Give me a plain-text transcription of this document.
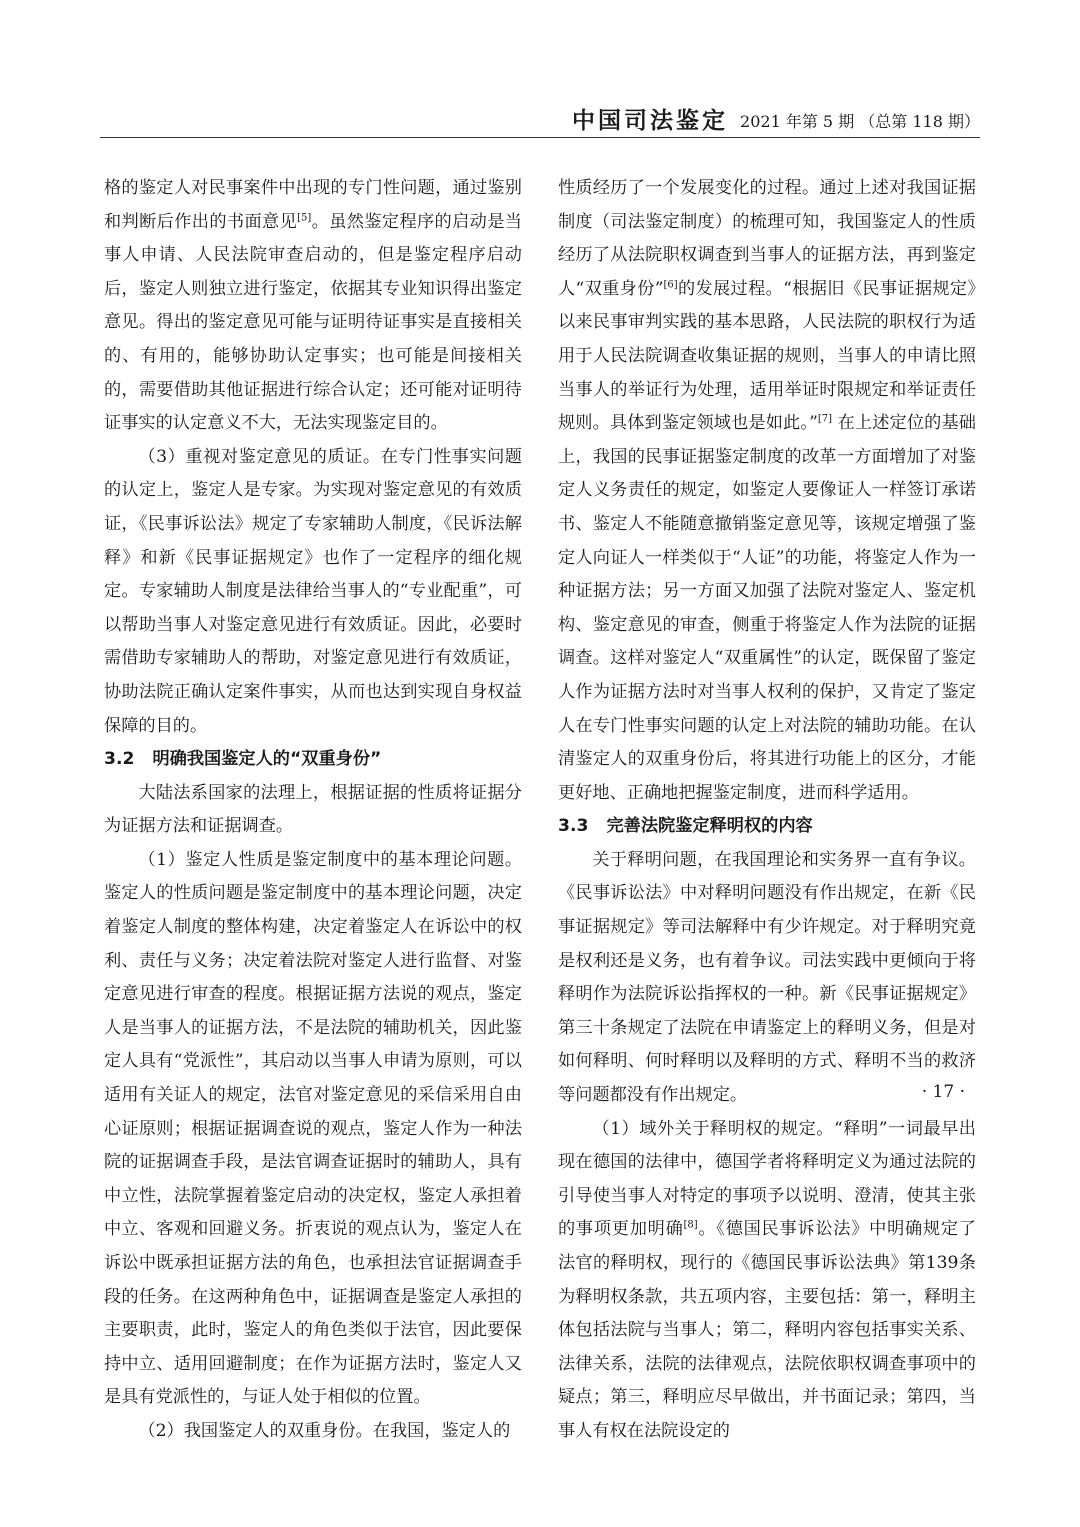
中国司法鉴定 2021 年第 5 期 （总第 118 期）

格的鉴定人对民事案件中出现的专门性问题，通过鉴别和判断后作出的书面意见[5]。虽然鉴定程序的启动是当事人申请、人民法院审查启动的，但是鉴定程序启动后，鉴定人则独立进行鉴定，依据其专业知识得出鉴定意见。得出的鉴定意见可能与证明待证事实是直接相关的、有用的，能够协助认定事实；也可能是间接相关的，需要借助其他证据进行综合认定；还可能对证明待证事实的认定意义不大，无法实现鉴定目的。

（3）重视对鉴定意见的质证。在专门性事实问题的认定上，鉴定人是专家。为实现对鉴定意见的有效质证，《民事诉讼法》规定了专家辅助人制度，《民诉法解释》和新《民事证据规定》也作了一定程序的细化规定。专家辅助人制度是法律给当事人的“专业配重”，可以帮助当事人对鉴定意见进行有效质证。因此，必要时需借助专家辅助人的帮助，对鉴定意见进行有效质证，协助法院正确认定案件事实，从而也达到实现自身权益保障的目的。

3.2 明确我国鉴定人的“双重身份”

大陆法系国家的法理上，根据证据的性质将证据分为证据方法和证据调查。

（1）鉴定人性质是鉴定制度中的基本理论问题。鉴定人的性质问题是鉴定制度中的基本理论问题，决定着鉴定人制度的整体构建，决定着鉴定人在诉讼中的权利、责任与义务；决定着法院对鉴定人进行监督、对鉴定意见进行审查的程度。根据证据方法说的观点，鉴定人是当事人的证据方法，不是法院的辅助机关，因此鉴定人具有“党派性”，其启动以当事人申请为原则，可以适用有关证人的规定，法官对鉴定意见的采信采用自由心证原则；根据证据调查说的观点，鉴定人作为一种法院的证据调查手段，是法官调查证据时的辅助人，具有中立性，法院掌握着鉴定启动的决定权，鉴定人承担着中立、客观和回避义务。折衷说的观点认为，鉴定人在诉讼中既承担证据方法的角色，也承担法官证据调查手段的任务。在这两种角色中，证据调查是鉴定人承担的主要职责，此时，鉴定人的角色类似于法官，因此要保持中立、适用回避制度；在作为证据方法时，鉴定人又是具有党派性的，与证人处于相似的位置。

（2）我国鉴定人的双重身份。在我国，鉴定人的

性质经历了一个发展变化的过程。通过上述对我国证据制度（司法鉴定制度）的梳理可知，我国鉴定人的性质经历了从法院职权调查到当事人的证据方法，再到鉴定人“双重身份”[6]的发展过程。“根据旧《民事证据规定》以来民事审判实践的基本思路，人民法院的职权行为适用于人民法院调查收集证据的规则，当事人的申请比照当事人的举证行为处理，适用举证时限规定和举证责任规则。具体到鉴定领域也是如此。”[7] 在上述定位的基础上，我国的民事证据鉴定制度的改革一方面增加了对鉴定人义务责任的规定，如鉴定人要像证人一样签订承诺书、鉴定人不能随意撤销鉴定意见等，该规定增强了鉴定人向证人一样类似于“人证”的功能，将鉴定人作为一种证据方法；另一方面又加强了法院对鉴定人、鉴定机构、鉴定意见的审查，侧重于将鉴定人作为法院的证据调查。这样对鉴定人“双重属性”的认定，既保留了鉴定人作为证据方法时对当事人权利的保护，又肯定了鉴定人在专门性事实问题的认定上对法院的辅助功能。在认清鉴定人的双重身份后，将其进行功能上的区分，才能更好地、正确地把握鉴定制度，进而科学适用。

3.3 完善法院鉴定释明权的内容

关于释明问题，在我国理论和实务界一直有争议。《民事诉讼法》中对释明问题没有作出规定，在新《民事证据规定》等司法解释中有少许规定。对于释明究竟是权利还是义务，也有着争议。司法实践中更倾向于将释明作为法院诉讼指挥权的一种。新《民事证据规定》第三十条规定了法院在申请鉴定上的释明义务，但是对如何释明、何时释明以及释明的方式、释明不当的救济等问题都没有作出规定。

（1）域外关于释明权的规定。“释明”一词最早出现在德国的法律中，德国学者将释明定义为通过法院的引导使当事人对特定的事项予以说明、澄清，使其主张的事项更加明确[8]。《德国民事诉讼法》中明确规定了法官的释明权，现行的《德国民事诉讼法典》第139条为释明权条款，共五项内容，主要包括：第一，释明主体包括法院与当事人；第二，释明内容包括事实关系、法律关系，法院的法律观点，法院依职权调查事项中的疑点；第三，释明应尽早做出，并书面记录；第四，当事人有权在法院设定的

· 17 ·
